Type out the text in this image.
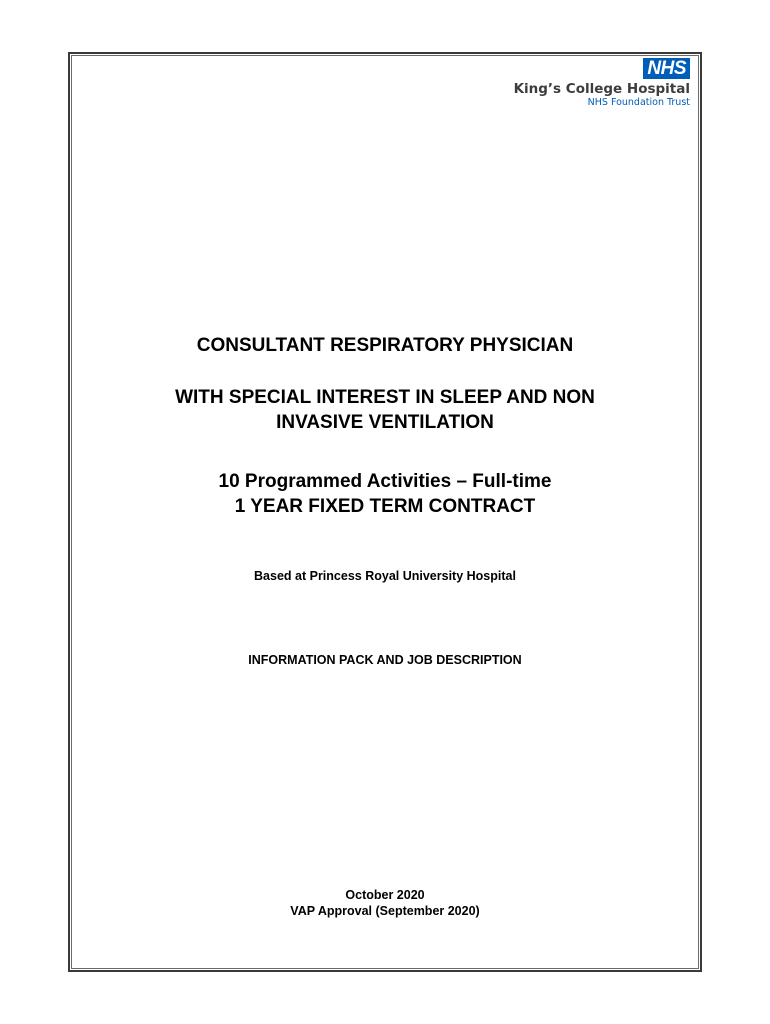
NHS
King’s College Hospital
NHS Foundation Trust
CONSULTANT RESPIRATORY PHYSICIAN
WITH SPECIAL INTEREST IN SLEEP AND NON
INVASIVE VENTILATION
10 Programmed Activities – Full-time
1 YEAR FIXED TERM CONTRACT
Based at Princess Royal University Hospital
INFORMATION PACK AND JOB DESCRIPTION
October 2020
VAP Approval (September 2020)
